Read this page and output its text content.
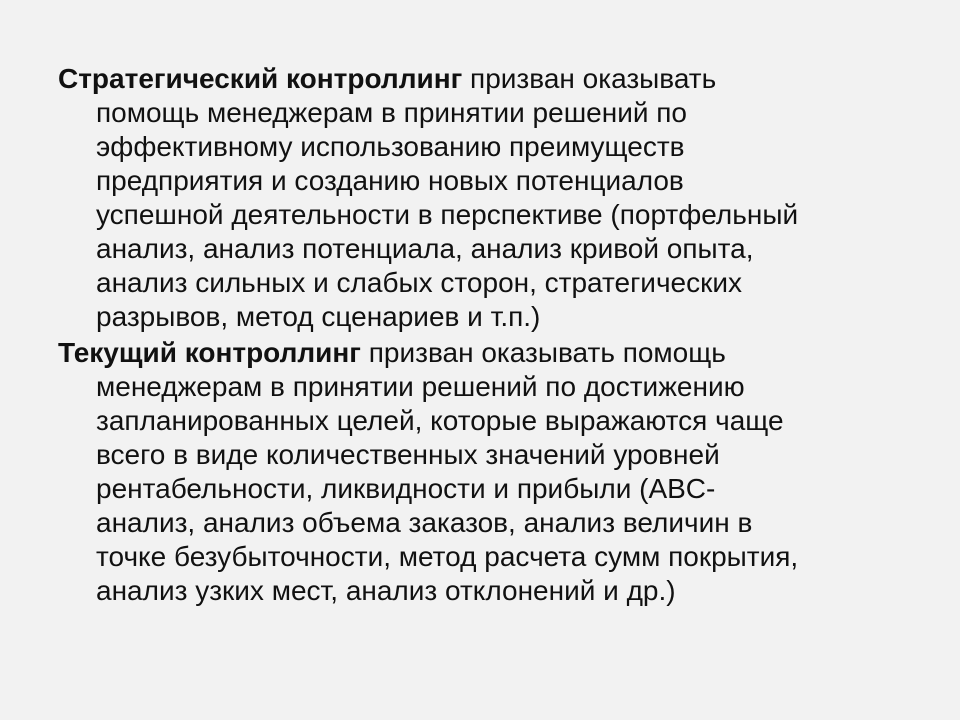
Стратегический контроллинг призван оказывать
помощь менеджерам в принятии решений по
эффективному использованию преимуществ
предприятия и созданию новых потенциалов
успешной деятельности в перспективе (портфельный
анализ, анализ потенциала, анализ кривой опыта,
анализ сильных и слабых сторон, стратегических
разрывов, метод сценариев и т.п.)

Текущий контроллинг призван оказывать помощь
менеджерам в принятии решений по достижению
запланированных целей, которые выражаются чаще
всего в виде количественных значений уровней
рентабельности, ликвидности и прибыли (ABC-
анализ, анализ объема заказов, анализ величин в
точке безубыточности, метод расчета сумм покрытия,
анализ узких мест, анализ отклонений и др.)
